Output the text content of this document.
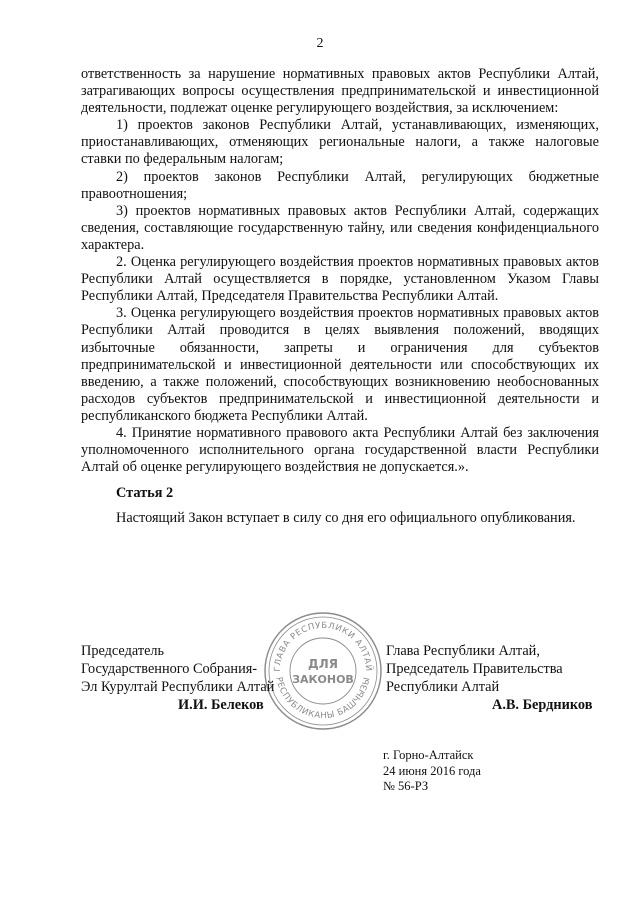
2

ответственность за нарушение нормативных правовых актов Республики Алтай, затрагивающих вопросы осуществления предпринимательской и инвестиционной деятельности, подлежат оценке регулирующего воздействия, за исключением:

1) проектов законов Республики Алтай, устанавливающих, изменяющих, приостанавливающих, отменяющих региональные налоги, а также налоговые ставки по федеральным налогам;

2) проектов законов Республики Алтай, регулирующих бюджетные правоотношения;

3) проектов нормативных правовых актов Республики Алтай, содержащих сведения, составляющие государственную тайну, или сведения конфиденциального характера.

2. Оценка регулирующего воздействия проектов нормативных правовых актов Республики Алтай осуществляется в порядке, установленном Указом Главы Республики Алтай, Председателя Правительства Республики Алтай.

3. Оценка регулирующего воздействия проектов нормативных правовых актов Республики Алтай проводится в целях выявления положений, вводящих избыточные обязанности, запреты и ограничения для субъектов предпринимательской и инвестиционной деятельности или способствующих их введению, а также положений, способствующих возникновению необоснованных расходов субъектов предпринимательской и инвестиционной деятельности и республиканского бюджета Республики Алтай.

4. Принятие нормативного правового акта Республики Алтай без заключения уполномоченного исполнительного органа государственной власти Республики Алтай об оценке регулирующего воздействия не допускается.».

Статья 2

Настоящий Закон вступает в силу со дня его официального опубликования.

ГЛАВА РЕСПУБЛИКИ АЛТАЙ
РЕСПУБЛИКАНЫ БАШЧЫЗЫ
ДЛЯ
ЗАКОНОВ
Председатель
Государственного Собрания-
Эл Курултай Республики Алтай
И.И. Белеков
Глава Республики Алтай,
Председатель Правительства
Республики Алтай
А.В. Бердников
г. Горно-Алтайск
24 июня 2016 года
№ 56-РЗ
